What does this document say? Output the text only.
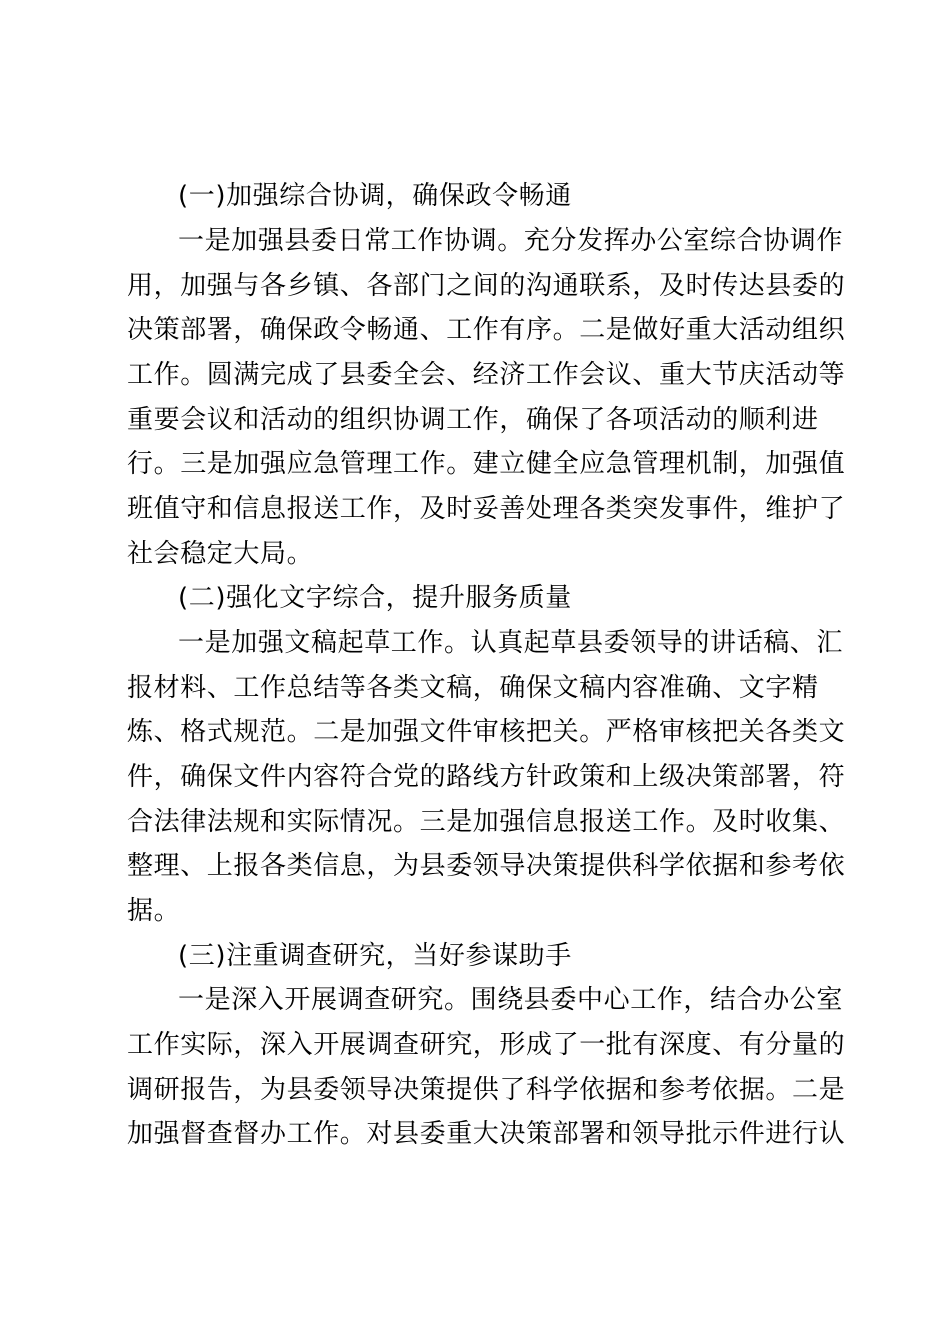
(一)加强综合协调，确保政令畅通
一是加强县委日常工作协调。充分发挥办公室综合协调作
用，加强与各乡镇、各部门之间的沟通联系，及时传达县委的
决策部署，确保政令畅通、工作有序。二是做好重大活动组织
工作。圆满完成了县委全会、经济工作会议、重大节庆活动等
重要会议和活动的组织协调工作，确保了各项活动的顺利进
行。三是加强应急管理工作。建立健全应急管理机制，加强值
班值守和信息报送工作，及时妥善处理各类突发事件，维护了
社会稳定大局。
(二)强化文字综合，提升服务质量
一是加强文稿起草工作。认真起草县委领导的讲话稿、汇
报材料、工作总结等各类文稿，确保文稿内容准确、文字精
炼、格式规范。二是加强文件审核把关。严格审核把关各类文
件，确保文件内容符合党的路线方针政策和上级决策部署，符
合法律法规和实际情况。三是加强信息报送工作。及时收集、
整理、上报各类信息，为县委领导决策提供科学依据和参考依
据。
(三)注重调查研究，当好参谋助手
一是深入开展调查研究。围绕县委中心工作，结合办公室
工作实际，深入开展调查研究，形成了一批有深度、有分量的
调研报告，为县委领导决策提供了科学依据和参考依据。二是
加强督查督办工作。对县委重大决策部署和领导批示件进行认
